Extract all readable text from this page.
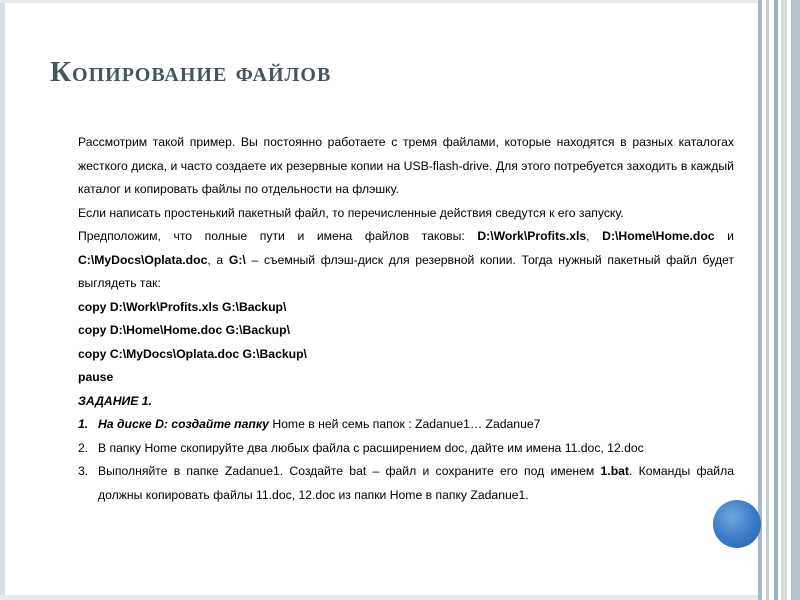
Копирование файлов

Рассмотрим такой пример. Вы постоянно работаете с тремя файлами, которые находятся в разных каталогах жесткого диска, и часто создаете их резервные копии на USB-flash-drive. Для этого потребуется заходить в каждый каталог и копировать файлы по отдельности на флэшку.

Если написать простенький пакетный файл, то перечисленные действия сведутся к его запуску.

Предположим, что полные пути и имена файлов таковы: D:\Work\Profits.xls, D:\Home\Home.doc и C:\MyDocs\Oplata.doc, а G:\ – съемный флэш-диск для резервной копии. Тогда нужный пакетный файл будет выглядеть так:

copy D:\Work\Profits.xls G:\Backup\

copy D:\Home\Home.doc G:\Backup\

copy C:\MyDocs\Oplata.doc G:\Backup\

pause

ЗАДАНИЕ 1.

1. На диске D: создайте папку Home в ней семь папок : Zadanue1… Zadanue7
2. В папку Home скопируйте два любых файла с расширением doc, дайте им имена 11.doc, 12.doc
3. Выполняйте в папке Zadanue1. Создайте bat – файл и сохраните его под именем 1.bat. Команды файла должны копировать файлы 11.doc, 12.doc из папки Home в папку Zadanue1.
